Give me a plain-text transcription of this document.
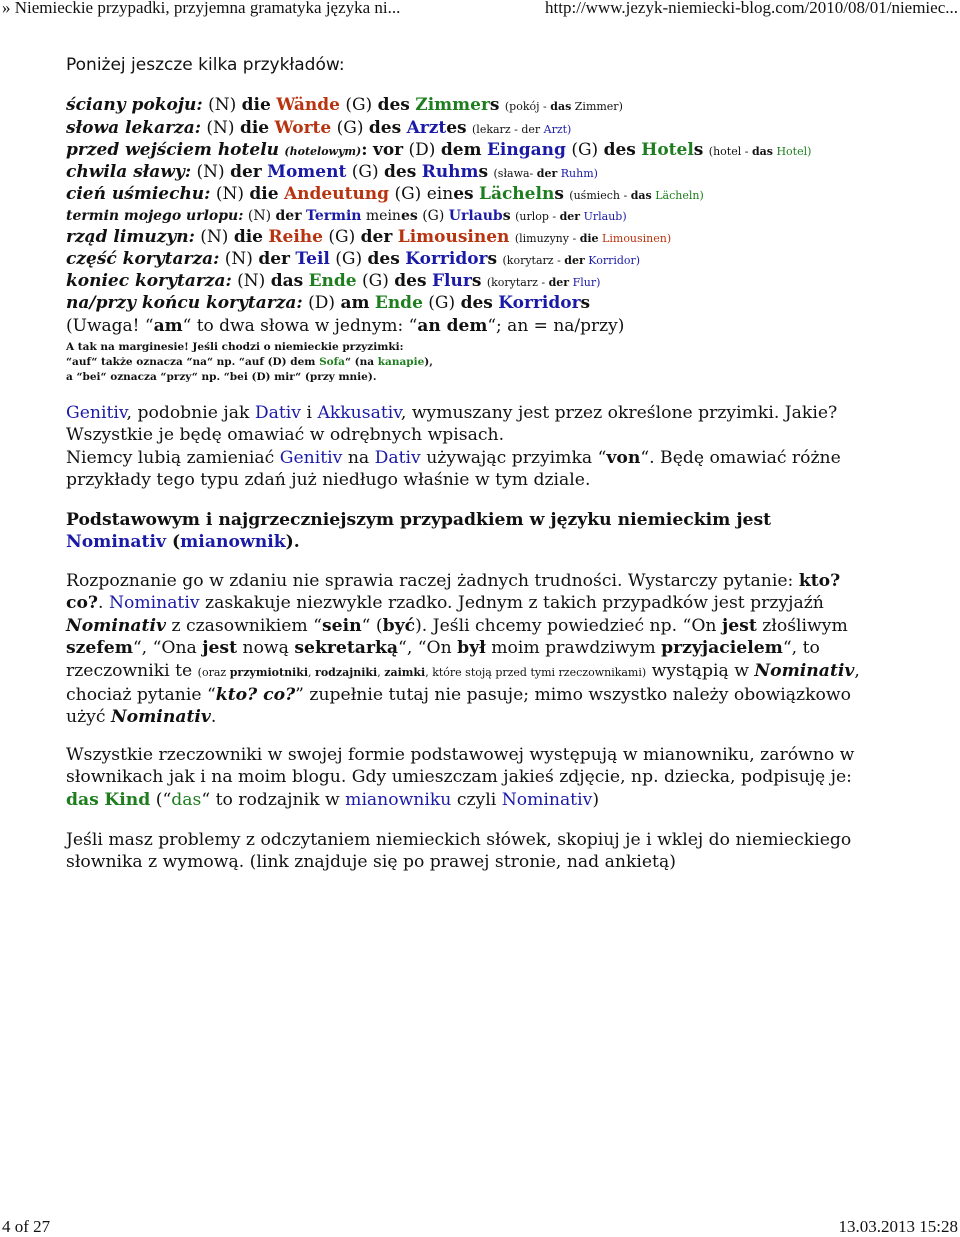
» Niemieckie przypadki, przyjemna gramatyka języka ni...	http://www.jezyk-niemiecki-blog.com/2010/08/01/niemiec...
Poniżej jeszcze kilka przykładów:
ściany pokoju: (N) die Wände (G) des Zimmers (pokój - das Zimmer)
słowa lekarza: (N) die Worte (G) des Arztes (lekarz - der Arzt)
przed wejściem hotelu (hotelowym): vor (D) dem Eingang (G) des Hotels (hotel - das Hotel)
chwila sławy: (N) der Moment (G) des Ruhms (sława- der Ruhm)
cień uśmiechu: (N) die Andeutung (G) eines Lächelns (uśmiech - das Lächeln)
termin mojego urlopu: (N) der Termin meines (G) Urlaubs (urlop - der Urlaub)
rząd limuzyn: (N) die Reihe (G) der Limousinen (limuzyny - die Limousinen)
część korytarza: (N) der Teil (G) des Korridors (korytarz - der Korridor)
koniec korytarza: (N) das Ende (G) des Flurs (korytarz - der Flur)
na/przy końcu korytarza: (D) am Ende (G) des Korridors
(Uwaga! “am“ to dwa słowa w jednym: “an dem“; an = na/przy)
A tak na marginesie! Jeśli chodzi o niemieckie przyzimki:
“auf“ także oznacza “na“ np. “auf (D) dem Sofa“ (na kanapie),
a “bei“ oznacza “przy“ np. “bei (D) mir“ (przy mnie).

Genitiv, podobnie jak Dativ i Akkusativ, wymuszany jest przez określone przyimki. Jakie?

Wszystkie je będę omawiać w odrębnych wpisach.

Niemcy lubią zamieniać Genitiv na Dativ używając przyimka “von“. Będę omawiać różne

przykłady tego typu zdań już niedługo właśnie w tym dziale.

Podstawowym i najgrzeczniejszym przypadkiem w języku niemieckim jest

Nominativ (mianownik).

Rozpoznanie go w zdaniu nie sprawia raczej żadnych trudności. Wystarczy pytanie: kto?

co?. Nominativ zaskakuje niezwykle rzadko. Jednym z takich przypadków jest przyjaźń

Nominativ z czasownikiem “sein“ (być). Jeśli chcemy powiedzieć np. “On jest złośliwym

szefem“, “Ona jest nową sekretarką“, “On był moim prawdziwym przyjacielem“, to

rzeczowniki te (oraz przymiotniki, rodzajniki, zaimki, które stoją przed tymi rzeczownikami) wystąpią w Nominativ,

chociaż pytanie “kto? co?” zupełnie tutaj nie pasuje; mimo wszystko należy obowiązkowo

użyć Nominativ.

Wszystkie rzeczowniki w swojej formie podstawowej występują w mianowniku, zarówno w

słownikach jak i na moim blogu. Gdy umieszczam jakieś zdjęcie, np. dziecka, podpisuję je:

das Kind (“das“ to rodzajnik w mianowniku czyli Nominativ)

Jeśli masz problemy z odczytaniem niemieckich słówek, skopiuj je i wklej do niemieckiego

słownika z wymową. (link znajduje się po prawej stronie, nad ankietą)

4 of 27	13.03.2013 15:28
